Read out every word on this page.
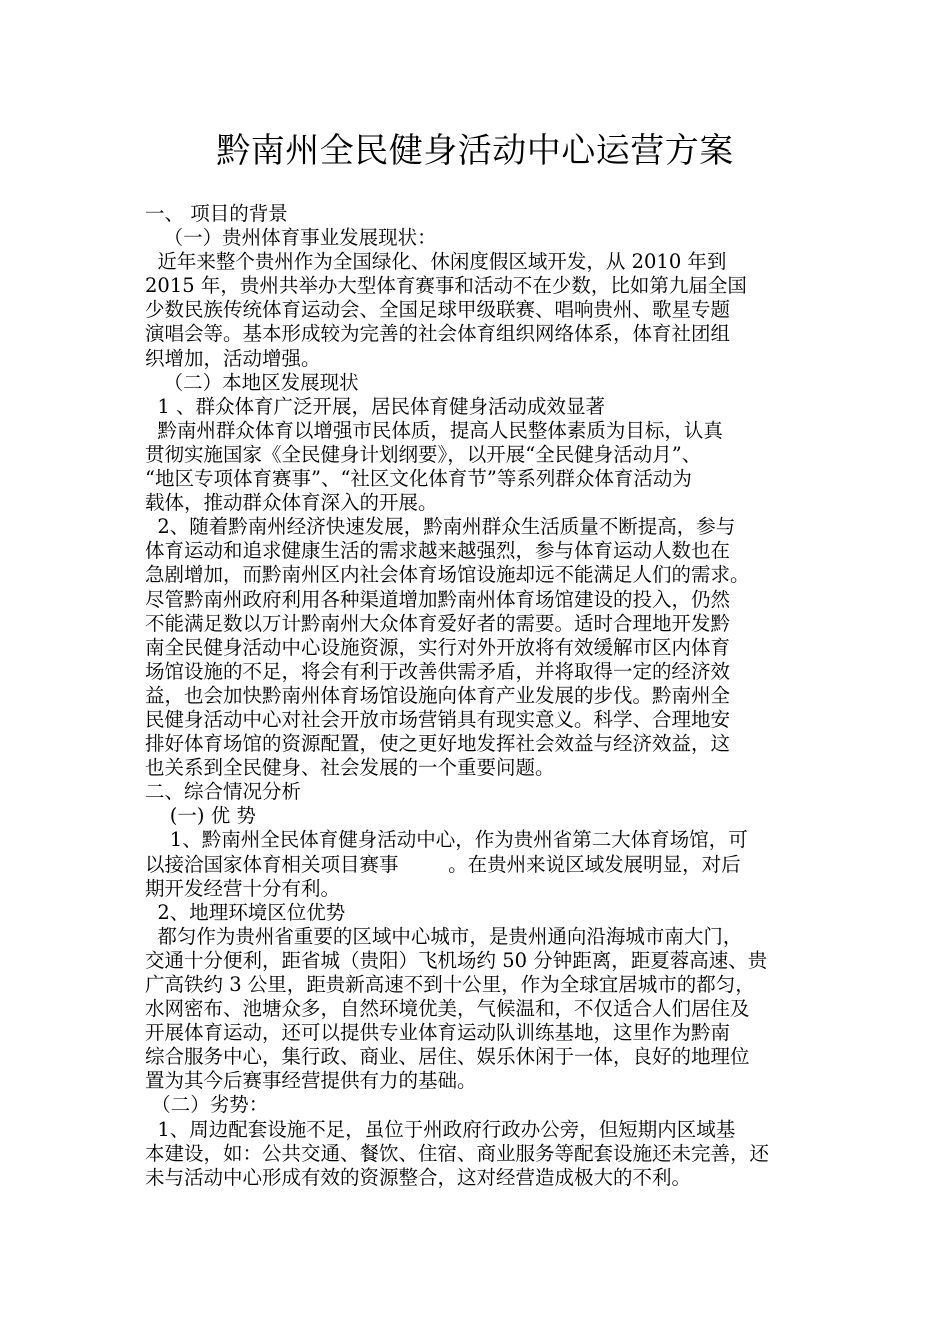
黔南州全民健身活动中心运营方案
一、 项目的背景
（一）贵州体育事业发展现状：
近年来整个贵州作为全国绿化、休闲度假区域开发，从 2010 年到
2015 年，贵州共举办大型体育赛事和活动不在少数，比如第九届全国
少数民族传统体育运动会、全国足球甲级联赛、唱响贵州、歌星专题
演唱会等。基本形成较为完善的社会体育组织网络体系，体育社团组
织增加，活动增强。
（二）本地区发展现状
1 、群众体育广泛开展，居民体育健身活动成效显著
黔南州群众体育以增强市民体质，提高人民整体素质为目标，认真
贯彻实施国家《全民健身计划纲要》，以开展“全民健身活动月”、
“地区专项体育赛事”、“社区文化体育节”等系列群众体育活动为
载体，推动群众体育深入的开展。
2、随着黔南州经济快速发展，黔南州群众生活质量不断提高，参与
体育运动和追求健康生活的需求越来越强烈，参与体育运动人数也在
急剧增加，而黔南州区内社会体育场馆设施却远不能满足人们的需求。
尽管黔南州政府利用各种渠道增加黔南州体育场馆建设的投入，仍然
不能满足数以万计黔南州大众体育爱好者的需要。适时合理地开发黔
南全民健身活动中心设施资源，实行对外开放将有效缓解市区内体育
场馆设施的不足，将会有利于改善供需矛盾，并将取得一定的经济效
益，也会加快黔南州体育场馆设施向体育产业发展的步伐。黔南州全
民健身活动中心对社会开放市场营销具有现实意义。科学、合理地安
排好体育场馆的资源配置，使之更好地发挥社会效益与经济效益，这
也关系到全民健身、社会发展的一个重要问题。
二、综合情况分析
(一) 优 势
1、黔南州全民体育健身活动中心，作为贵州省第二大体育场馆，可
以接洽国家体育相关项目赛事        。在贵州来说区域发展明显，对后
期开发经营十分有利。
2、地理环境区位优势
都匀作为贵州省重要的区域中心城市，是贵州通向沿海城市南大门，
交通十分便利，距省城（贵阳）飞机场约 50 分钟距离，距夏蓉高速、贵
广高铁约 3 公里，距贵新高速不到十公里，作为全球宜居城市的都匀，
水网密布、池塘众多，自然环境优美，气候温和，不仅适合人们居住及
开展体育运动，还可以提供专业体育运动队训练基地，这里作为黔南
综合服务中心，集行政、商业、居住、娱乐休闲于一体，良好的地理位
置为其今后赛事经营提供有力的基础。
（二）劣势：
1、周边配套设施不足，虽位于州政府行政办公旁，但短期内区域基
本建设，如：公共交通、餐饮、住宿、商业服务等配套设施还未完善，还
未与活动中心形成有效的资源整合，这对经营造成极大的不利。
